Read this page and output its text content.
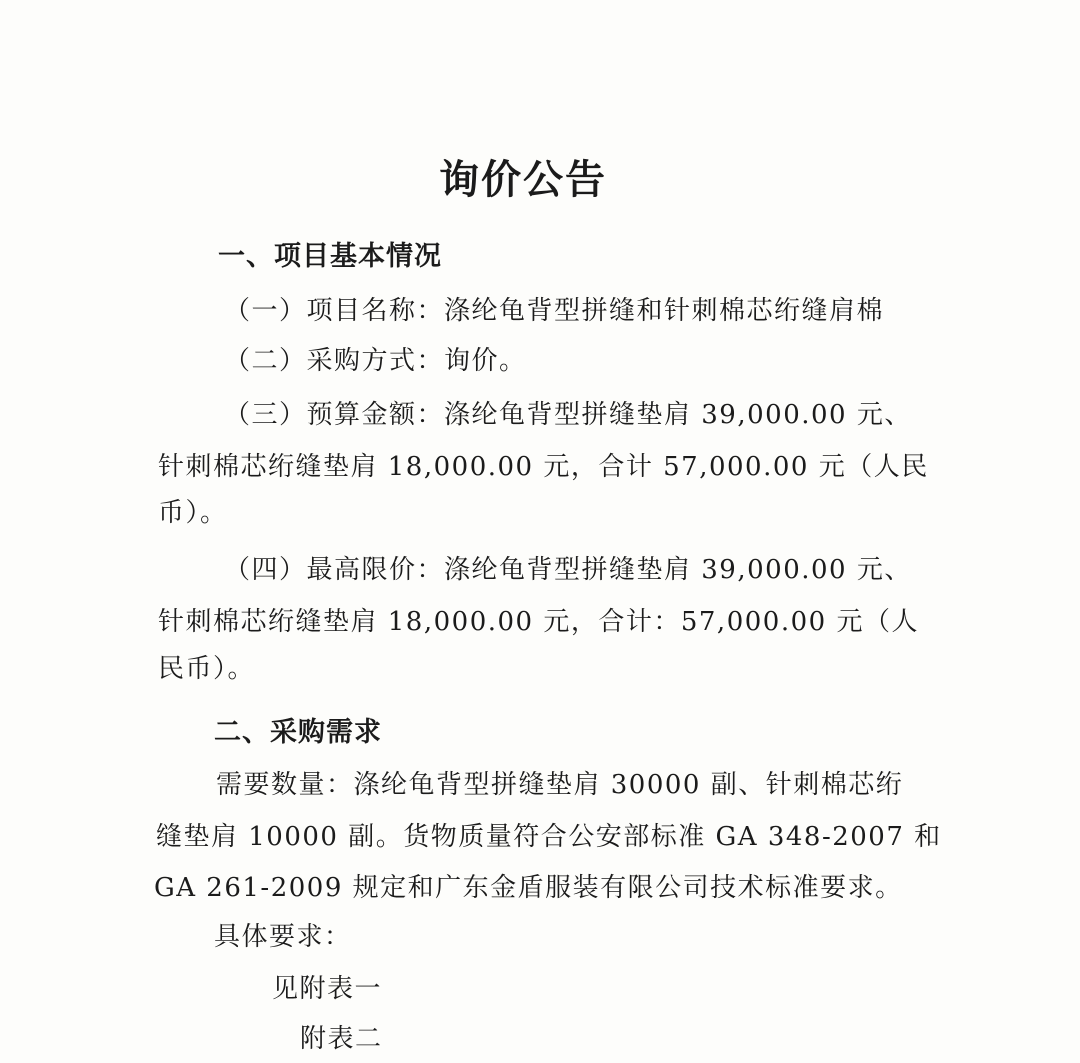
询价公告
一、项目基本情况
（一）项目名称：涤纶龟背型拼缝和针刺棉芯绗缝肩棉
（二）采购方式：询价。
（三）预算金额：涤纶龟背型拼缝垫肩 39,000.00 元、
针刺棉芯绗缝垫肩 18,000.00 元，合计 57,000.00 元（人民
币）。
（四）最高限价：涤纶龟背型拼缝垫肩 39,000.00 元、
针刺棉芯绗缝垫肩 18,000.00 元，合计：57,000.00 元（人
民币）。
二、采购需求
需要数量：涤纶龟背型拼缝垫肩 30000 副、针刺棉芯绗
缝垫肩 10000 副。货物质量符合公安部标准 GA 348-2007 和
GA 261-2009 规定和广东金盾服装有限公司技术标准要求。
具体要求：
见附表一
附表二
